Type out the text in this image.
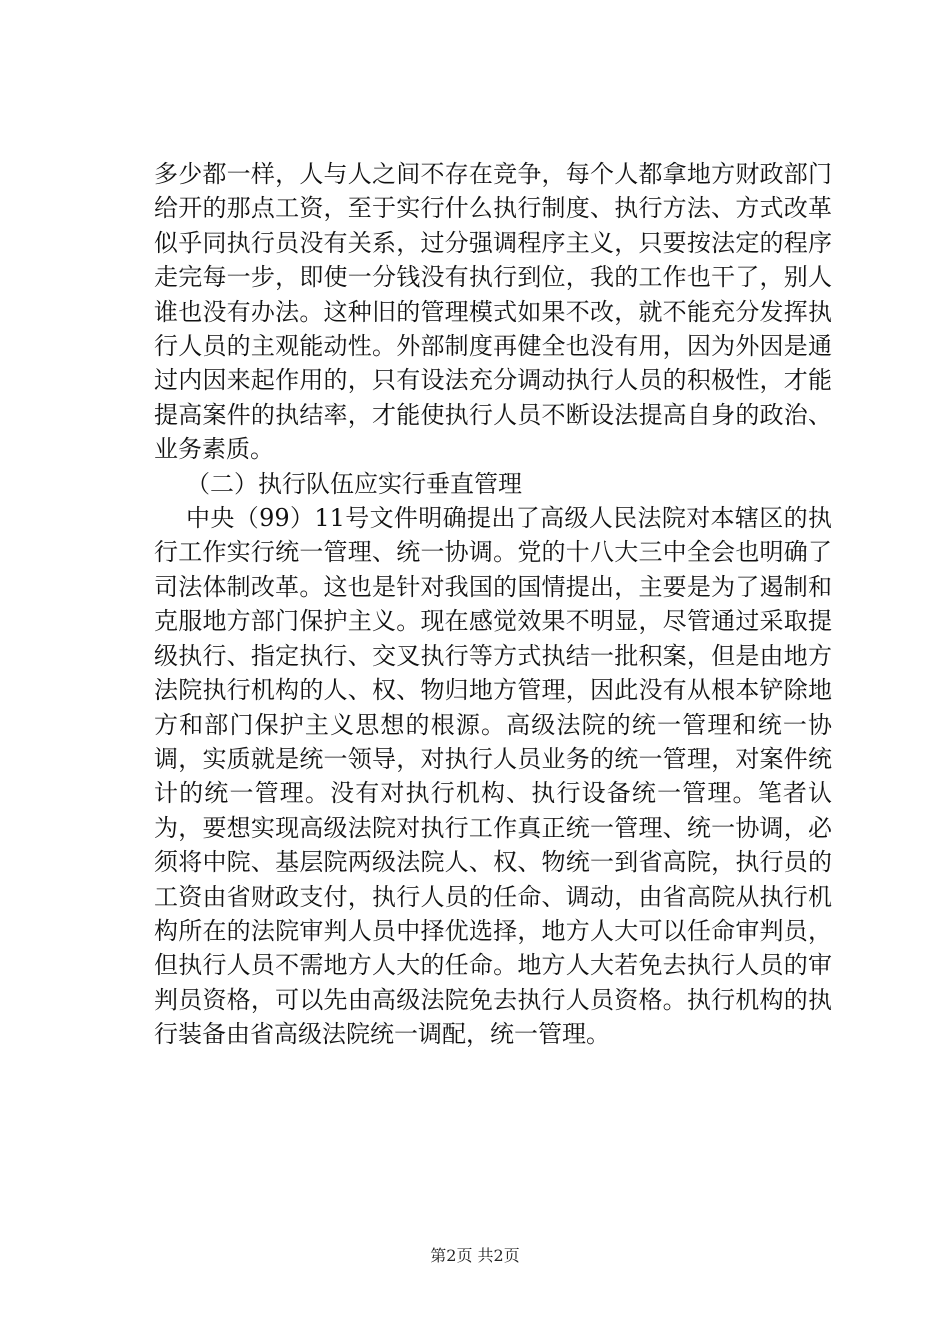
多少都一样，人与人之间不存在竞争，每个人都拿地方财政部门给开的那点工资，至于实行什么执行制度、执行方法、方式改革似乎同执行员没有关系，过分强调程序主义，只要按法定的程序走完每一步，即使一分钱没有执行到位，我的工作也干了，别人谁也没有办法。这种旧的管理模式如果不改，就不能充分发挥执行人员的主观能动性。外部制度再健全也没有用，因为外因是通过内因来起作用的，只有设法充分调动执行人员的积极性，才能提高案件的执结率，才能使执行人员不断设法提高自身的政治、业务素质。

（二）执行队伍应实行垂直管理

中央（99）11号文件明确提出了高级人民法院对本辖区的执行工作实行统一管理、统一协调。党的十八大三中全会也明确了司法体制改革。这也是针对我国的国情提出，主要是为了遏制和克服地方部门保护主义。现在感觉效果不明显，尽管通过采取提级执行、指定执行、交叉执行等方式执结一批积案，但是由地方法院执行机构的人、权、物归地方管理，因此没有从根本铲除地方和部门保护主义思想的根源。高级法院的统一管理和统一协调，实质就是统一领导，对执行人员业务的统一管理，对案件统计的统一管理。没有对执行机构、执行设备统一管理。笔者认为，要想实现高级法院对执行工作真正统一管理、统一协调，必须将中院、基层院两级法院人、权、物统一到省高院，执行员的工资由省财政支付，执行人员的任命、调动，由省高院从执行机构所在的法院审判人员中择优选择，地方人大可以任命审判员，但执行人员不需地方人大的任命。地方人大若免去执行人员的审判员资格，可以先由高级法院免去执行人员资格。执行机构的执行装备由省高级法院统一调配，统一管理。

第2页 共2页
